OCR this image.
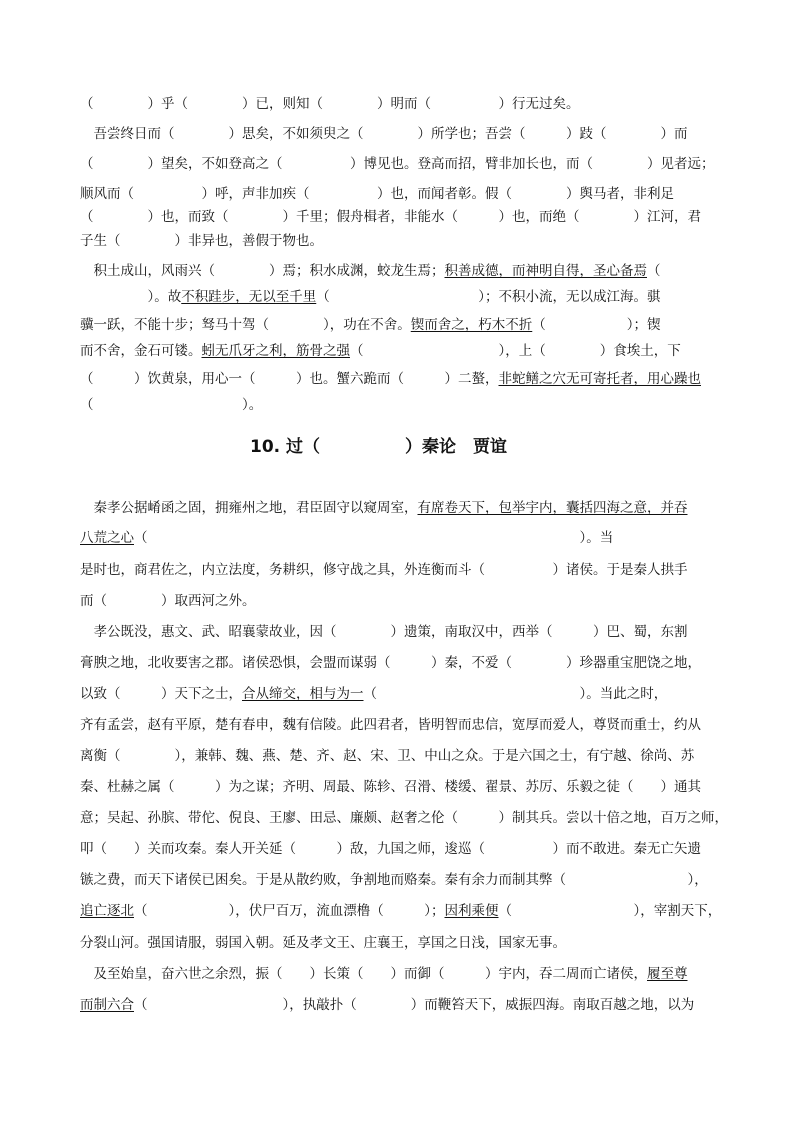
（　　　　）乎（　　　　）已，则知（　　　　）明而（　　　　　）行无过矣。
　吾尝终日而（　　　　）思矣，不如须臾之（　　　　）所学也；吾尝（　　　）跂（　　　　）而
（　　　　）望矣，不如登高之（　　　　　）博见也。登高而招，臂非加长也，而（　　　　）见者远；
顺风而（　　　　　）呼，声非加疾（　　　　　）也，而闻者彰。假（　　　　）舆马者，非利足
（　　　　）也，而致（　　　　）千里；假舟楫者，非能水（　　　）也，而绝（　　　　）江河，君
子生（　　　　）非异也，善假于物也。
　积土成山，风雨兴（　　　　）焉；积水成渊，蛟龙生焉；积善成德，而神明自得，圣心备焉（
　　　　　）。故不积跬步，无以至千里（　　　　　　　　　　　）；不积小流，无以成江海。骐
骥一跃，不能十步；驽马十驾（　　　　），功在不舍。锲而舍之，朽木不折（　　　　　　）；锲
而不舍，金石可镂。蚓无爪牙之利，筋骨之强（　　　　　　　　　　），上（　　　　）食埃土，下
（　　　）饮黄泉，用心一（　　　）也。蟹六跪而（　　　）二螯，非蛇鳝之穴无可寄托者，用心躁也
（　　　　　　　　　　　）。
10. 过（　　　　　）秦论　贾谊
　秦孝公据崤函之固，拥雍州之地，君臣固守以窥周室，有席卷天下，包举宇内，囊括四海之意，并吞
八荒之心（　　　　　　　　　　　　　　　　　　　　　　　　　　　　　　　　）。当
是时也，商君佐之，内立法度，务耕织，修守战之具，外连衡而斗（　　　　　）诸侯。于是秦人拱手
而（　　　　）取西河之外。
　孝公既没，惠文、武、昭襄蒙故业，因（　　　　）遗策，南取汉中，西举（　　　）巴、蜀，东割
膏腴之地，北收要害之郡。诸侯恐惧，会盟而谋弱（　　　）秦，不爱（　　　　）珍器重宝肥饶之地，
以致（　　　）天下之士，合从缔交，相与为一（　　　　　　　　　　　　　　　）。当此之时，
齐有孟尝，赵有平原，楚有春申，魏有信陵。此四君者，皆明智而忠信，宽厚而爱人，尊贤而重士，约从
离衡（　　　　），兼韩、魏、燕、楚、齐、赵、宋、卫、中山之众。于是六国之士，有宁越、徐尚、苏
秦、杜赫之属（　　　）为之谋；齐明、周最、陈轸、召滑、楼缓、翟景、苏厉、乐毅之徒（　　）通其
意；吴起、孙膑、带佗、倪良、王廖、田忌、廉颇、赵奢之伦（　　　）制其兵。尝以十倍之地，百万之师，
叩（　　）关而攻秦。秦人开关延（　　　）敌，九国之师，逡巡（　　　　　）而不敢进。秦无亡矢遗
镞之费，而天下诸侯已困矣。于是从散约败，争割地而赂秦。秦有余力而制其弊（　　　　　　　　　），
追亡逐北（　　　　　　），伏尸百万，流血漂橹（　　　）；因利乘便（　　　　　　　　　），宰割天下，
分裂山河。强国请服，弱国入朝。延及孝文王、庄襄王，享国之日浅，国家无事。
　及至始皇，奋六世之余烈，振（　　）长策（　　）而御（　　　）宇内，吞二周而亡诸侯，履至尊
而制六合（　　　　　　　　　　），执敲扑（　　　　）而鞭笞天下，威振四海。南取百越之地，以为
